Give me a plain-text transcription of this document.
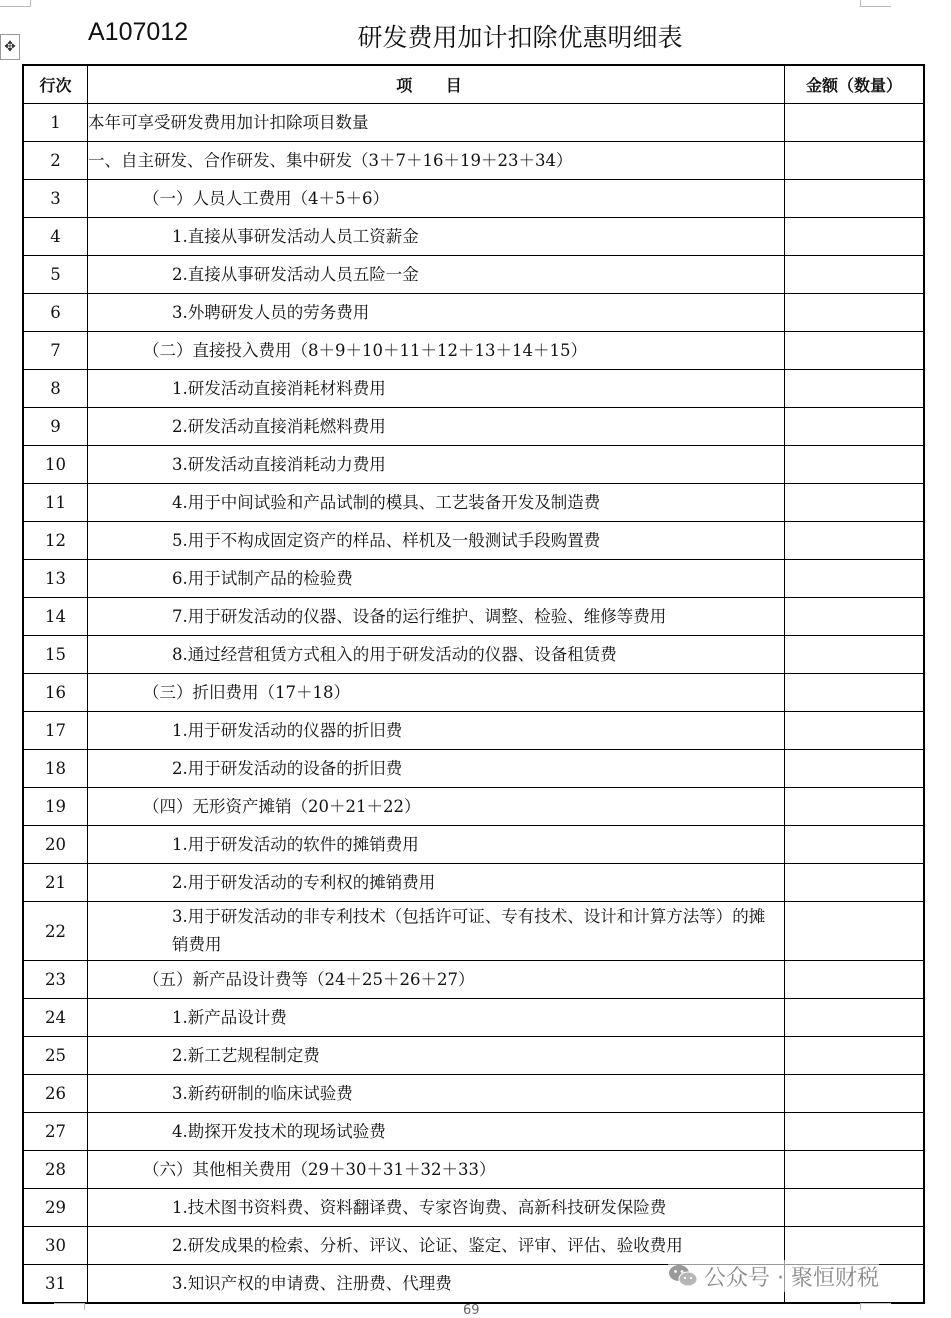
✥
A107012	研发费用加计扣除优惠明细表
行次	项 目	金额（数量）
1	本年可享受研发费用加计扣除项目数量	
2	一、自主研发、合作研发、集中研发（3＋7＋16＋19＋23＋34）	
3	（一）人员人工费用（4＋5＋6）	
4	1.直接从事研发活动人员工资薪金	
5	2.直接从事研发活动人员五险一金	
6	3.外聘研发人员的劳务费用	
7	（二）直接投入费用（8＋9＋10＋11＋12＋13＋14＋15）	
8	1.研发活动直接消耗材料费用	
9	2.研发活动直接消耗燃料费用	
10	3.研发活动直接消耗动力费用	
11	4.用于中间试验和产品试制的模具、工艺装备开发及制造费	
12	5.用于不构成固定资产的样品、样机及一般测试手段购置费	
13	6.用于试制产品的检验费	
14	7.用于研发活动的仪器、设备的运行维护、调整、检验、维修等费用	
15	8.通过经营租赁方式租入的用于研发活动的仪器、设备租赁费	
16	（三）折旧费用（17＋18）	
17	1.用于研发活动的仪器的折旧费	
18	2.用于研发活动的设备的折旧费	
19	（四）无形资产摊销（20＋21＋22）	
20	1.用于研发活动的软件的摊销费用	
21	2.用于研发活动的专利权的摊销费用	
22	3.用于研发活动的非专利技术（包括许可证、专有技术、设计和计算方法等）的摊销费用	
23	（五）新产品设计费等（24＋25＋26＋27）	
24	1.新产品设计费	
25	2.新工艺规程制定费	
26	3.新药研制的临床试验费	
27	4.勘探开发技术的现场试验费	
28	（六）其他相关费用（29＋30＋31＋32＋33）	
29	1.技术图书资料费、资料翻译费、专家咨询费、高新科技研发保险费	
30	2.研发成果的检索、分析、评议、论证、鉴定、评审、评估、验收费用	
31	3.知识产权的申请费、注册费、代理费		公众号 · 聚恒财税
69
